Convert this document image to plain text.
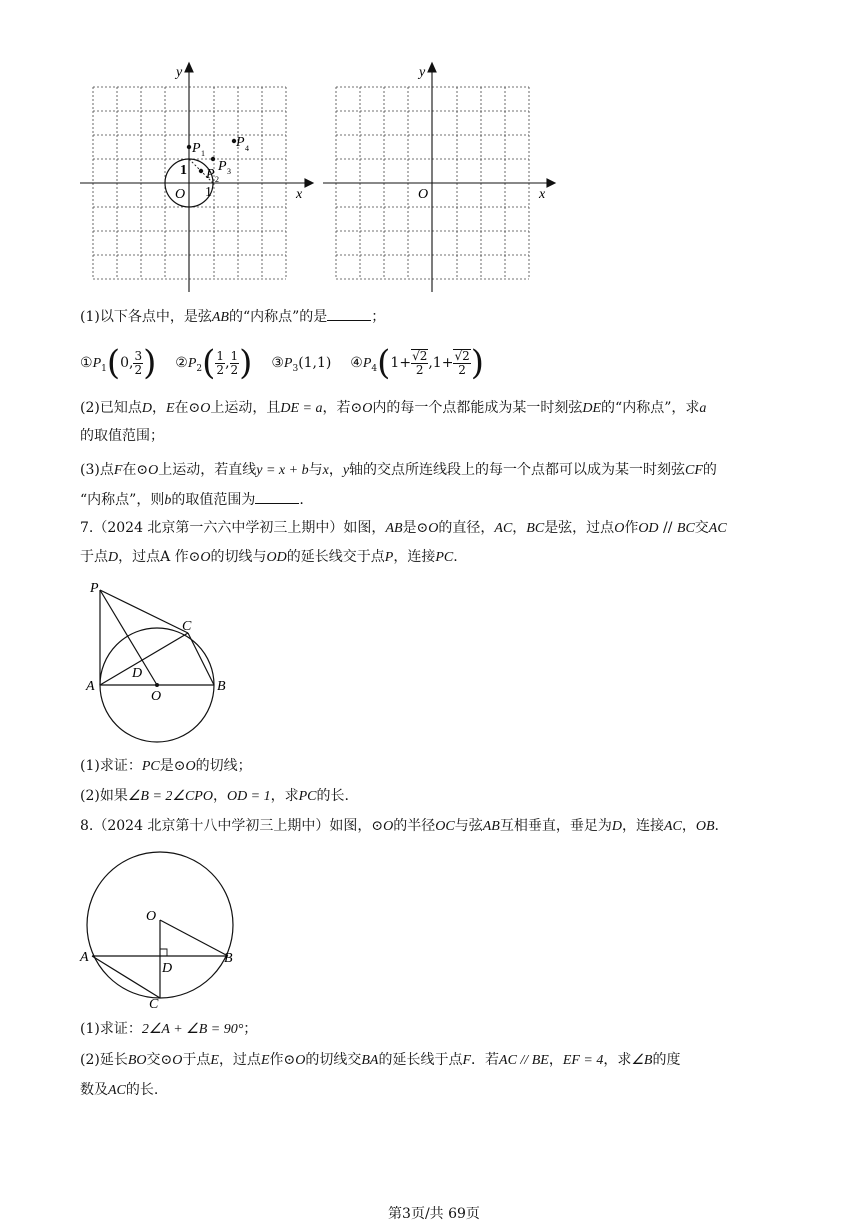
y
x
O
P 1
P 2
P 3
P 4
1
1
y
x
O
(1)以下各点中，是弦AB的“内称点”的是	；
$①P_1(0$, $\frac{3}{2}$ ) $②P_2( \frac{1}{2}$ , $\frac{1}{2}$ ) $③P_3(1,1)$ $④P_4(1+ \frac{√2}{2} ,1+ \frac{√2}{2}$ )
(2)已知点D，E在⊙O上运动，且DE = a，若⊙O内的每一个点都能成为某一时刻弦DE的“内称点”，求a
的取值范围；
(3)点F在⊙O上运动，若直线y = x + b与x，y轴的交点所连线段上的每一个点都可以成为某一时刻弦CF的
“内称点”，则b的取值范围为	.
7.（2024 北京第一六六中学初三上期中）如图，AB是⊙O的直径，AC，BC是弦，过点O作OD // BC交AC
于点D，过点A 作⊙O的切线与OD的延长线交于点P，连接PC.
P
C
D
A
O
B
(1)求证：PC是⊙O的切线；
(2)如果∠B = 2∠CPO，OD = 1，求PC的长.
8.（2024 北京第十八中学初三上期中）如图，⊙O的半径OC与弦AB互相垂直，垂足为D，连接AC，OB.
O
A
D
B
C
(1)求证：2∠A + ∠B = 90°；
(2)延长BO交⊙O于点E，过点E作⊙O的切线交BA的延长线于点F．若AC // BE，EF = 4，求∠B的度
数及AC的长.
第3页/共 69页
